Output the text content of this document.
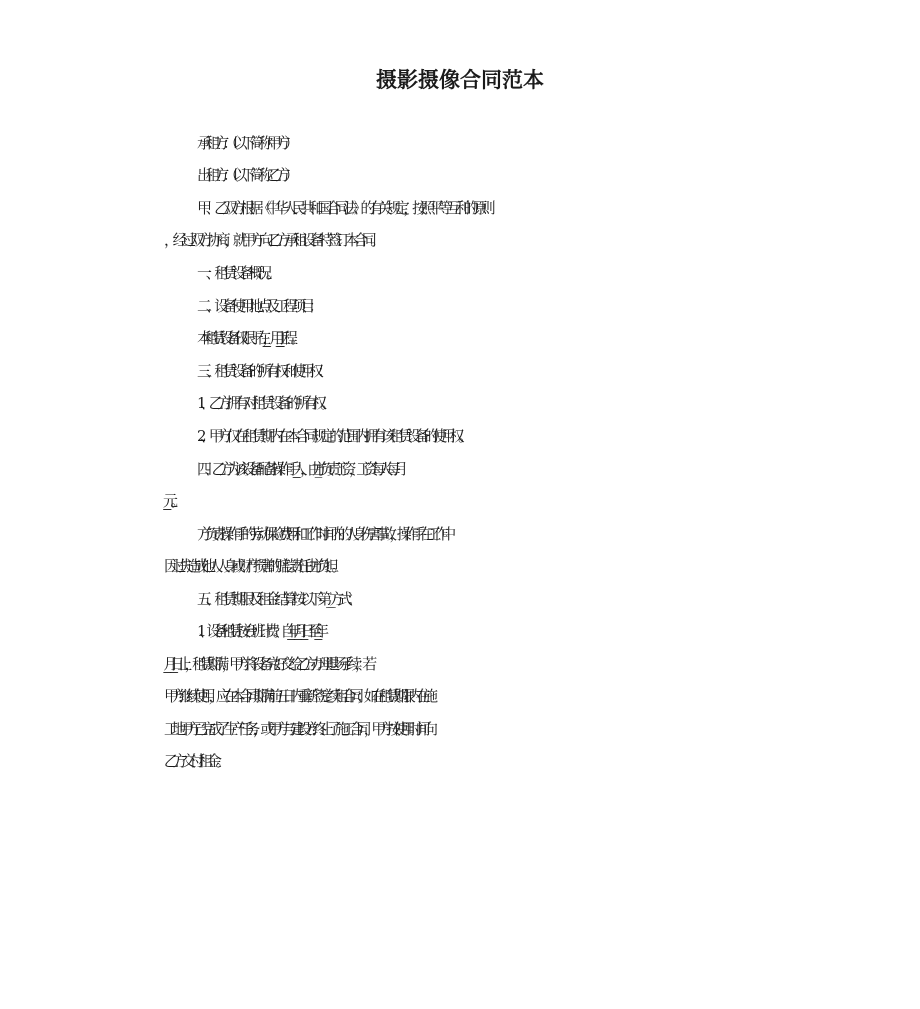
摄影摄像合同范本

承租方：（以下简称甲方）

出租方：（以下简称乙方）

甲、乙双方根据《中华人民共和国合同法》的有关规定，按照平等互利的原则

，经过双方协商，就甲方向乙方承租设备特签订本合同。

一、租赁设备概况。

二、设备使用地点及工程项目：

本租赁设备仅限于在____________，用________________工程。

三、租赁设备的所有权和使用权：

1、乙方拥有对租赁设备的所有权。

2、甲方仅在租赁期内在本合同规定的范围内拥有该租赁设备的使用权。

四、乙方为该设备配备操作手______人，由_ 方负责工资，工资每人每月

__________元。

方负责操作手的劳动保险费用和工作时间内的人身伤害事故，操作手在工作中

因过失造成他人人身或财产损害的赔偿责任由 方负担。

五、租赁期限及租金结算按以下第___方式：

1、设备租赁按台班计费。自________年________月________日至________年

________月________日止，租赁期满，甲方将设备完好交给乙方办理退场手续，若

甲方继续使用，应在本合同期满前五日内重新签定续租合同；如在租赁期限内在施

工地甲方已完成了生产任务，或甲方与建设方终止了施工合同，甲方按使用时间向

乙方交付租金。
